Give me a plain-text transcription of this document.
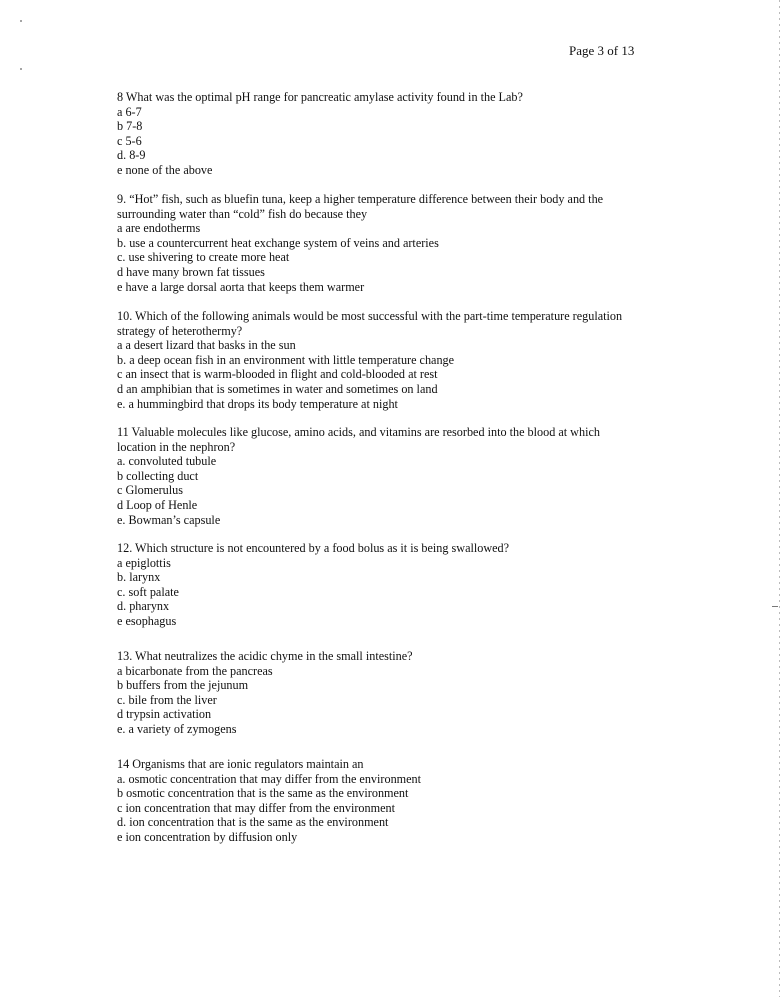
Page 3 of 13

8 What was the optimal pH range for pancreatic amylase activity found in the Lab?

a 6-7

b 7-8

c 5-6

d. 8-9

e none of the above

9. “Hot” fish, such as bluefin tuna, keep a higher temperature difference between their body and the

surrounding water than “cold” fish do because they

a are endotherms

b. use a countercurrent heat exchange system of veins and arteries

c. use shivering to create more heat

d have many brown fat tissues

e have a large dorsal aorta that keeps them warmer

10. Which of the following animals would be most successful with the part-time temperature regulation

strategy of heterothermy?

a a desert lizard that basks in the sun

b. a deep ocean fish in an environment with little temperature change

c an insect that is warm-blooded in flight and cold-blooded at rest

d an amphibian that is sometimes in water and sometimes on land

e. a hummingbird that drops its body temperature at night

11 Valuable molecules like glucose, amino acids, and vitamins are resorbed into the blood at which

location in the nephron?

a. convoluted tubule

b collecting duct

c Glomerulus

d Loop of Henle

e. Bowman’s capsule

12. Which structure is not encountered by a food bolus as it is being swallowed?

a epiglottis

b. larynx

c. soft palate

d. pharynx

e esophagus

13. What neutralizes the acidic chyme in the small intestine?

a bicarbonate from the pancreas

b buffers from the jejunum

c. bile from the liver

d trypsin activation

e. a variety of zymogens

14 Organisms that are ionic regulators maintain an

a. osmotic concentration that may differ from the environment

b osmotic concentration that is the same as the environment

c ion concentration that may differ from the environment

d. ion concentration that is the same as the environment

e ion concentration by diffusion only
